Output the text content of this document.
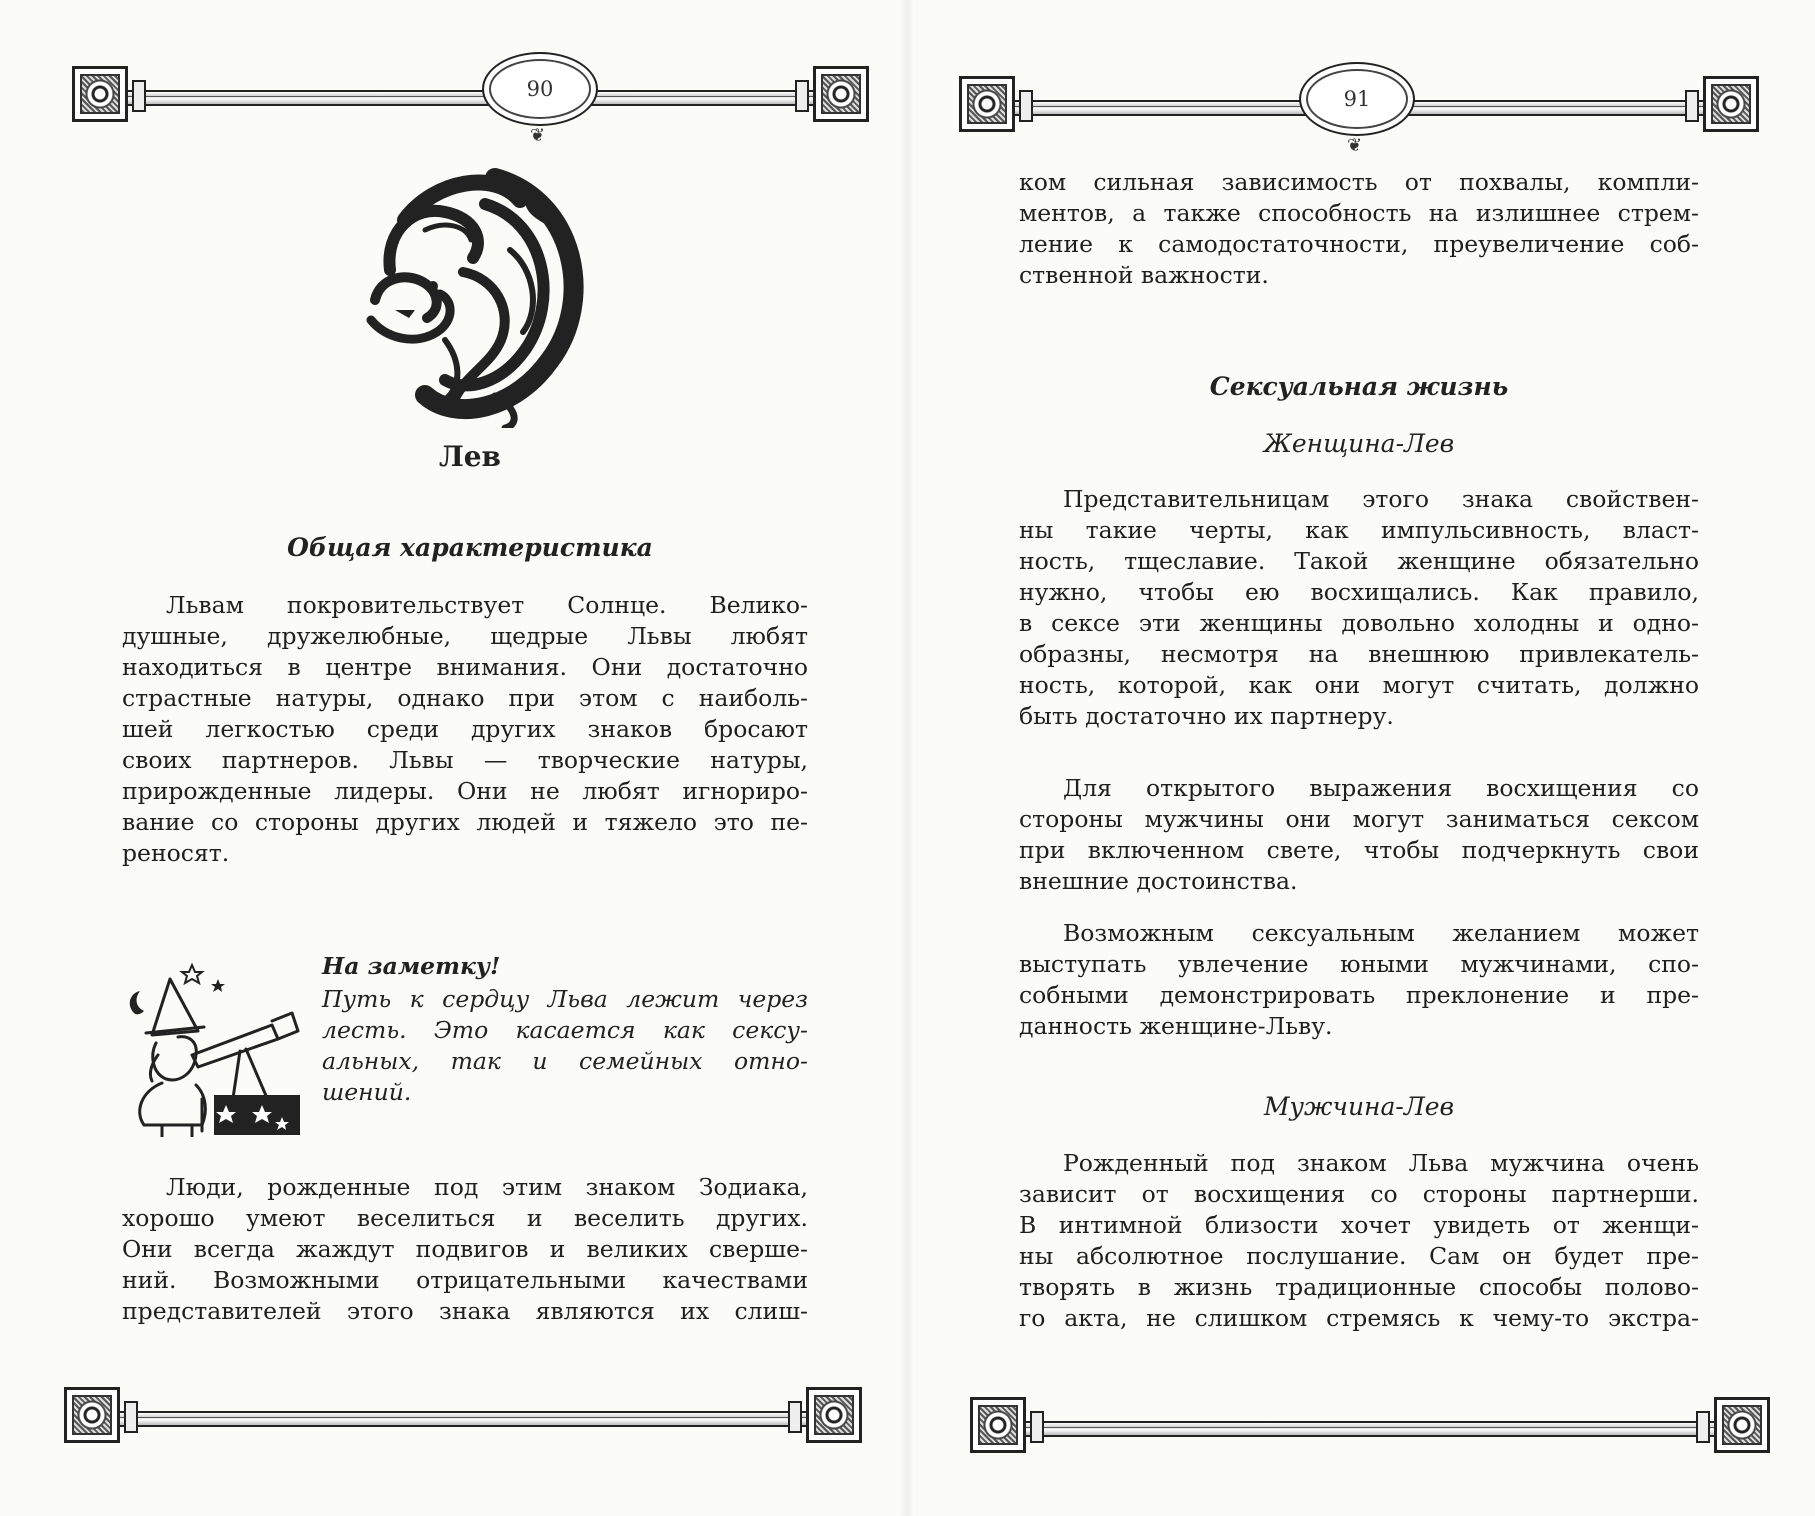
90 ❦
Лев
Общая характеристика

Львам покровительствует Солнце. Велико-

душные, дружелюбные, щедрые Львы любят

находиться в центре внимания. Они достаточно

страстные натуры, однако при этом с наиболь-

шей легкостью среди других знаков бросают

своих партнеров. Львы — творческие натуры,

прирожденные лидеры. Они не любят игнориро-

вание со стороны других людей и тяжело это пе-

реносят.

На заметку!

Путь к сердцу Льва лежит через

лесть. Это касается как сексу-

альных, так и семейных отно-

шений.

Люди, рожденные под этим знаком Зодиака,

хорошо умеют веселиться и веселить других.

Они всегда жаждут подвигов и великих свершe-

ний. Возможными отрицательными качествами

представителей этого знака являются их слиш-

91 ❦

ком сильная зависимость от похвалы, компли-

ментов, а также способность на излишнее стрем-

ление к самодостаточности, преувеличение соб-

ственной важности.

Сексуальная жизнь
Женщина-Лев

Представительницам этого знака свойствен-

ны такие черты, как импульсивность, власт-

ность, тщеславие. Такой женщине обязательно

нужно, чтобы ею восхищались. Как правило,

в сексе эти женщины довольно холодны и одно-

образны, несмотря на внешнюю привлекатель-

ность, которой, как они могут считать, должно

быть достаточно их партнеру.

Для открытого выражения восхищения со

стороны мужчины они могут заниматься сексом

при включенном свете, чтобы подчеркнуть свои

внешние достоинства.

Возможным сексуальным желанием может

выступать увлечение юными мужчинами, спо-

собными демонстрировать преклонение и пре-

данность женщине-Льву.

Мужчина-Лев

Рожденный под знаком Льва мужчина очень

зависит от восхищения со стороны партнерши.

В интимной близости хочет увидеть от женщи-

ны абсолютное послушание. Сам он будет пре-

творять в жизнь традиционные способы полово-

го акта, не слишком стремясь к чему-то экстра-
